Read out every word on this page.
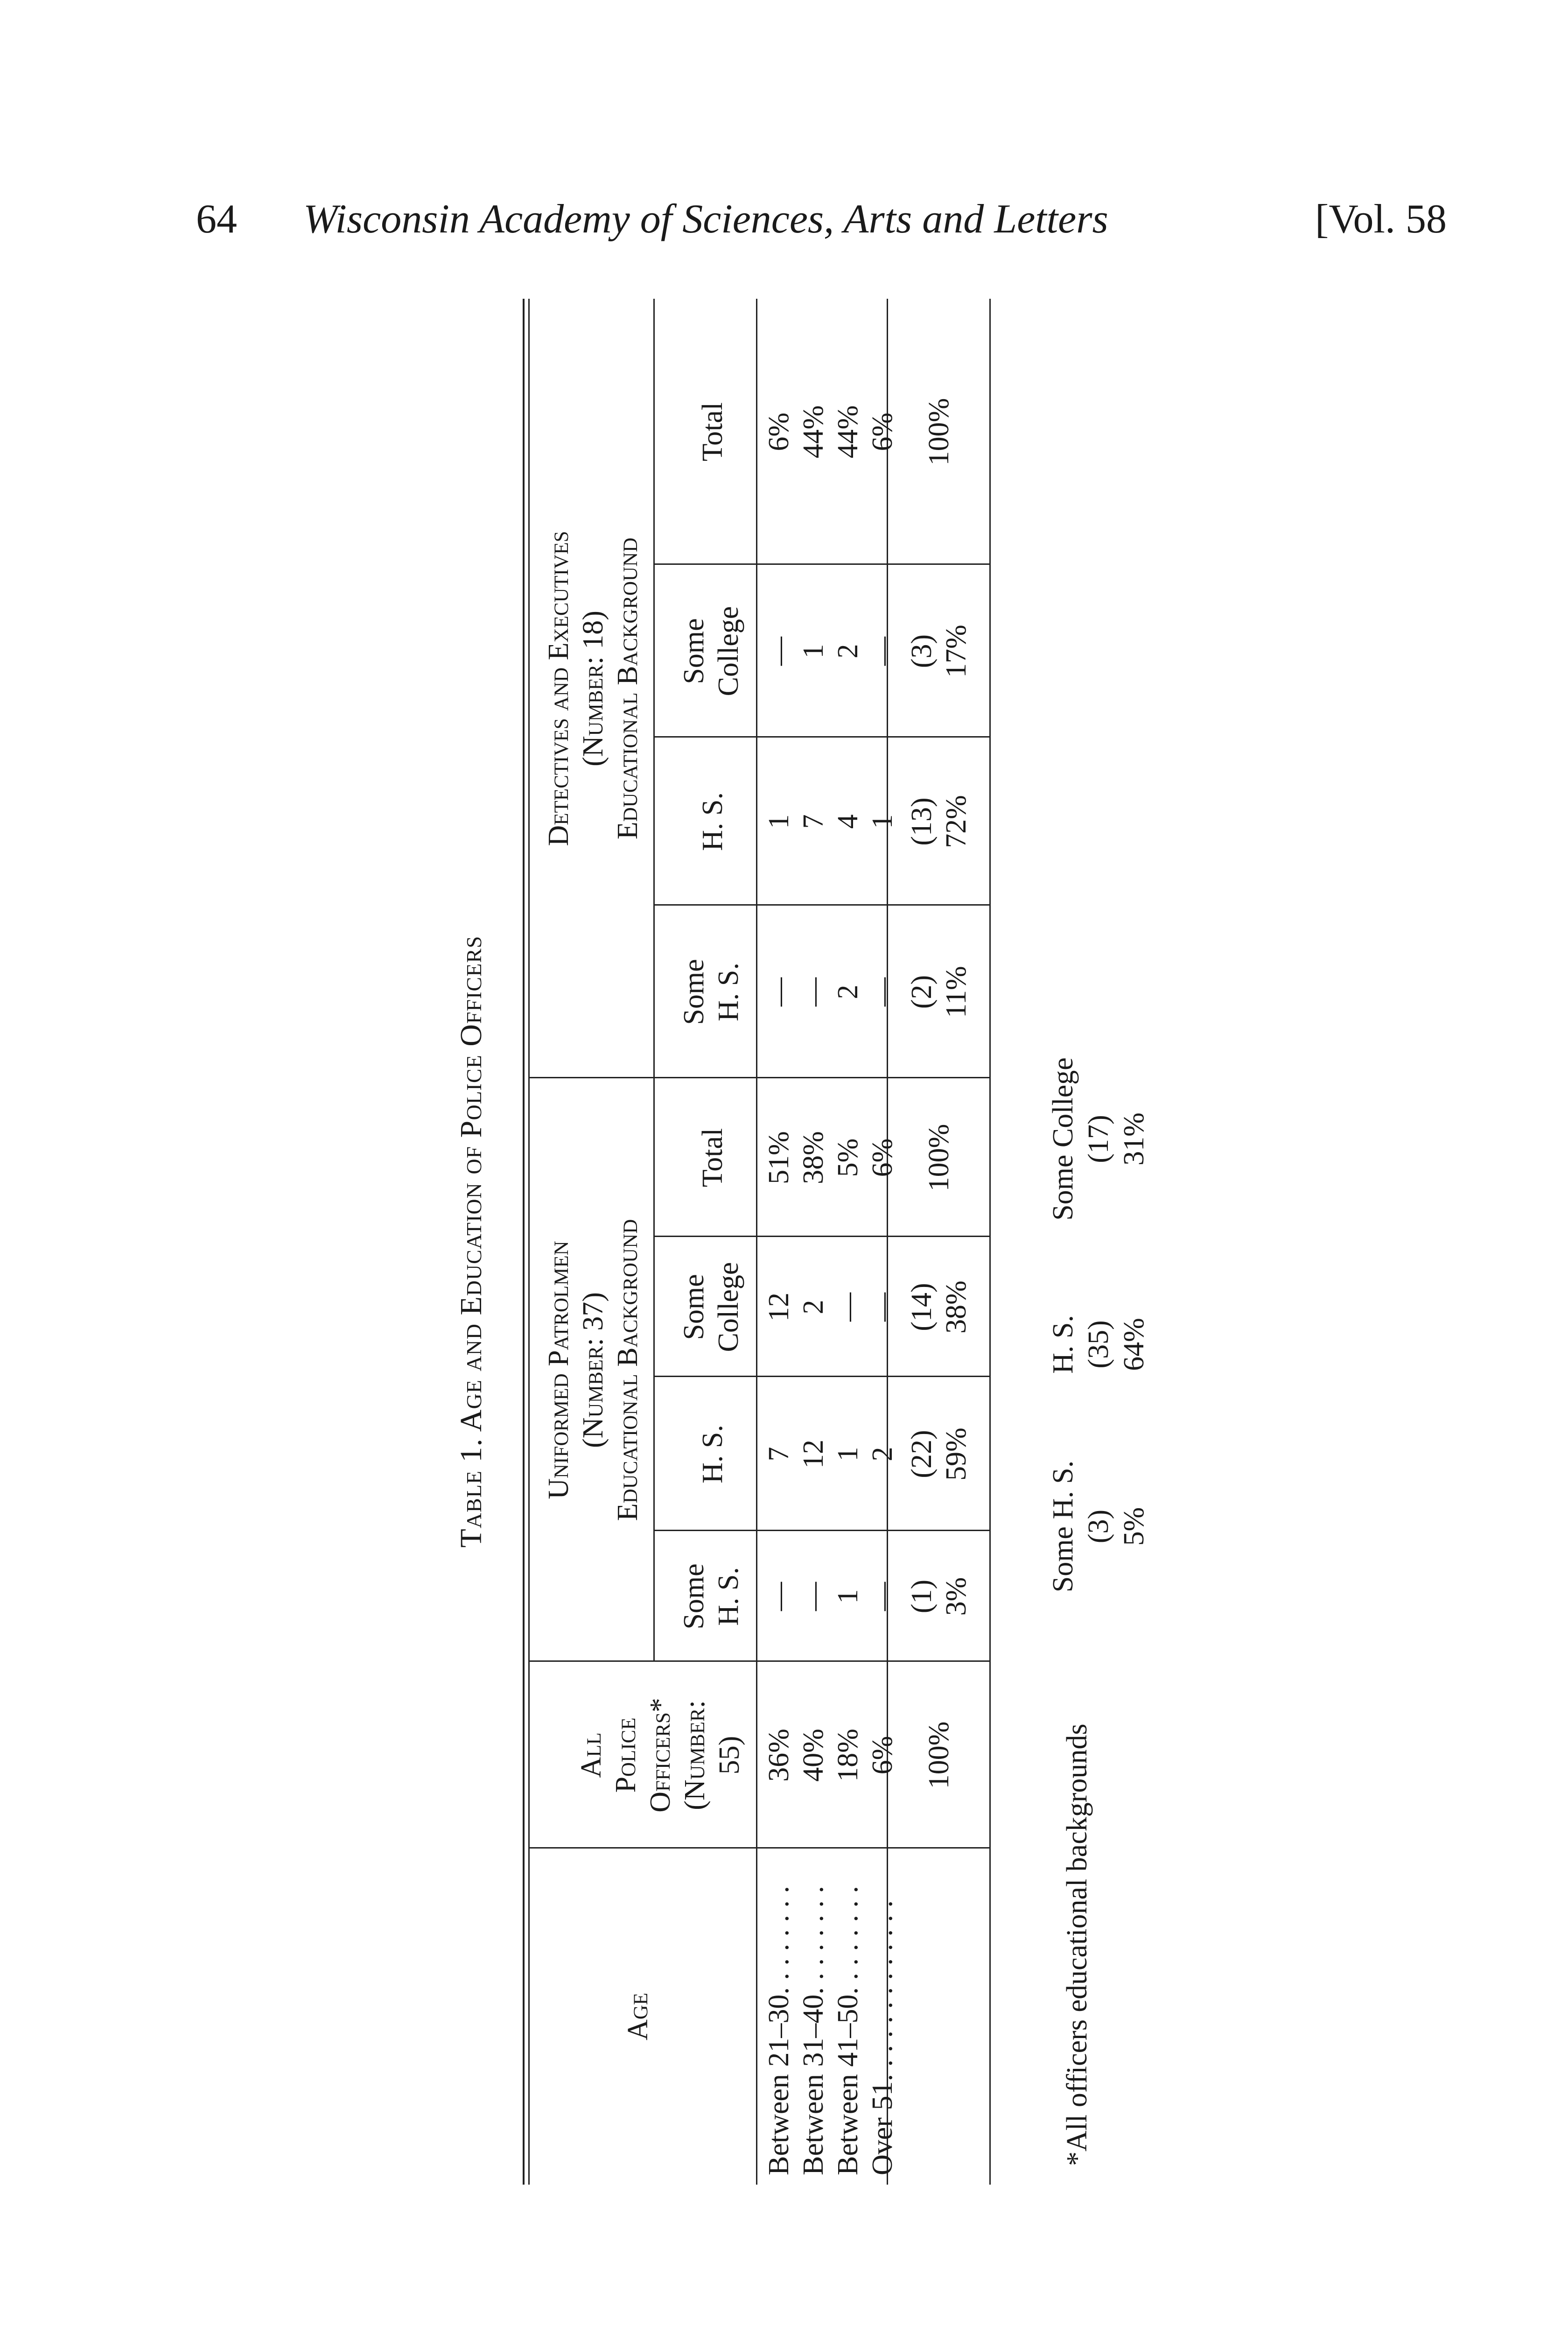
64 Wisconsin Academy of Sciences, Arts and Letters	[Vol. 58
Table 1. Age and Education of Police Officers
Age
All
Police
Officers*
(Number:
55)
Uniformed Patrolmen
(Number: 37)
Educational Background
Detectives and Executives
(Number: 18)
Educational Background
Some
H. S.
H. S.
Some
College
Total
Some
H. S.
H. S.
Some
College
Total
Between 21–30. . . . . . . .
Between 31–40. . . . . . . .
Between 41–50. . . . . . . .
Over 51. . . . . . . . . . . . .
36%
40%
18%
6%
—
—
1
—
7
12
1
2
12
2
—
—
51%
38%
5%
6%
—
—
2
—
1
7
4
1
—
1
2
—
6%
44%
44%
6%
100%
(1)
3%
(22)
59%
(14)
38%
100%
(2)
11%
(13)
72%
(3)
17%
100%
*All officers educational backgrounds
Some H. S.
(3)
5%
H. S.
(35)
64%
Some College
(17)
31%
